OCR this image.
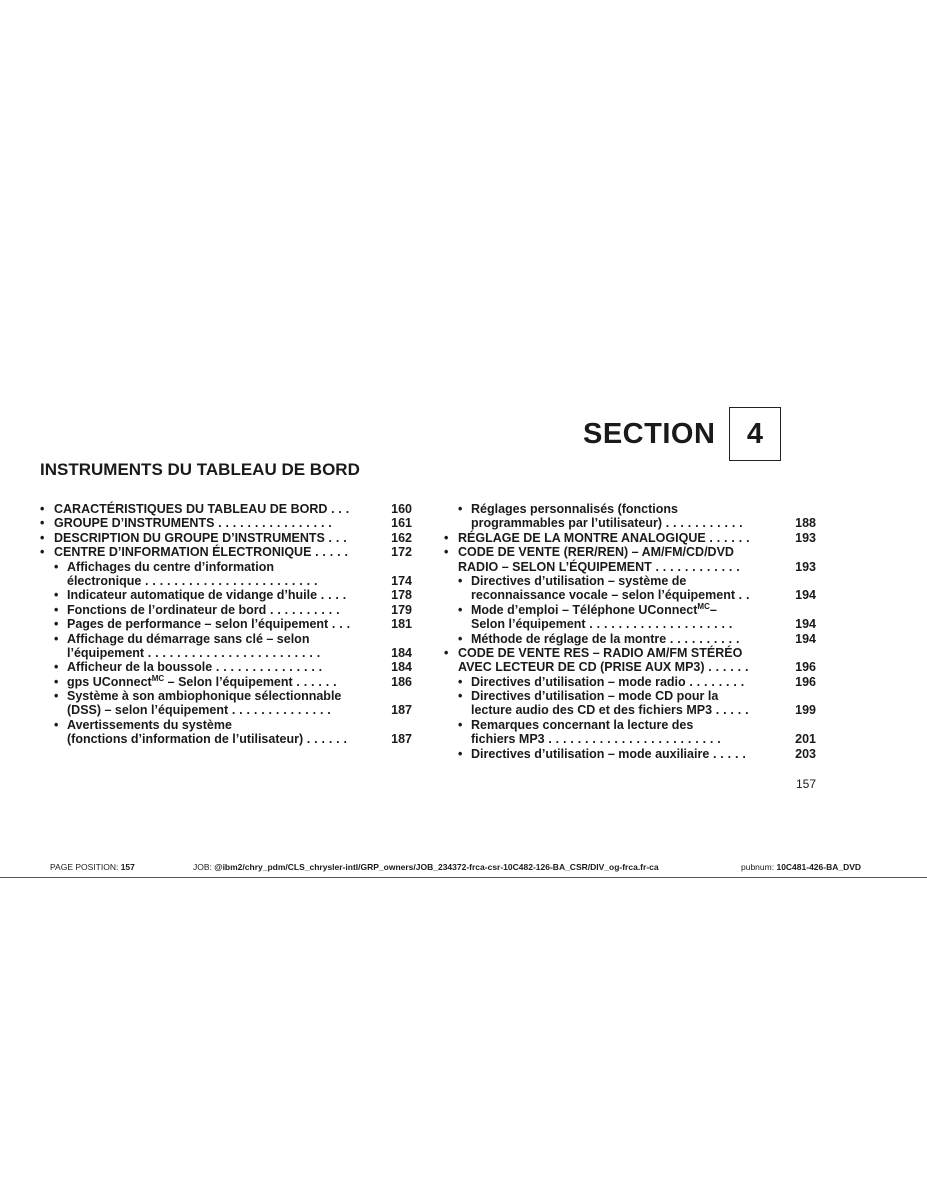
SECTION	4
INSTRUMENTS DU TABLEAU DE BORD
• CARACTÉRISTIQUES DU TABLEAU DE BORD . . .	160
• GROUPE D’INSTRUMENTS . . . . . . . . . . . . . . . .	161
• DESCRIPTION DU GROUPE D’INSTRUMENTS . . .	162
• CENTRE D’INFORMATION ÉLECTRONIQUE . . . . .	172
• Affichages du centre d’information
électronique . . . . . . . . . . . . . . . . . . . . . . . .	174
• Indicateur automatique de vidange d’huile . . . .	178
• Fonctions de l’ordinateur de bord . . . . . . . . . .	179
• Pages de performance – selon l’équipement . . .	181
• Affichage du démarrage sans clé – selon
l’équipement . . . . . . . . . . . . . . . . . . . . . . . .	184
• Afficheur de la boussole . . . . . . . . . . . . . . .	184
• gps UConnect$^{MC}$ – Selon l’équipement . . . . . .	186
• Système à son ambiophonique sélectionnable
(DSS) – selon l’équipement . . . . . . . . . . . . . .	187
• Avertissements du système
(fonctions d’information de l’utilisateur) . . . . . .	187
• Réglages personnalisés (fonctions
programmables par l’utilisateur) . . . . . . . . . . .	188
• RÉGLAGE DE LA MONTRE ANALOGIQUE . . . . . .	193
• CODE DE VENTE (RER/REN) – AM/FM/CD/DVD
RADIO – SELON L’ÉQUIPEMENT . . . . . . . . . . . .	193
• Directives d’utilisation – système de
reconnaissance vocale – selon l’équipement . .	194
• Mode d’emploi – Téléphone UConnect$^{MC}$–
Selon l’équipement . . . . . . . . . . . . . . . . . . . .	194
• Méthode de réglage de la montre . . . . . . . . . .	194
• CODE DE VENTE RES – RADIO AM/FM STÉRÉO
AVEC LECTEUR DE CD (PRISE AUX MP3) . . . . . .	196
• Directives d’utilisation – mode radio . . . . . . . .	196
• Directives d’utilisation – mode CD pour la
lecture audio des CD et des fichiers MP3 . . . . .	199
• Remarques concernant la lecture des
fichiers MP3 . . . . . . . . . . . . . . . . . . . . . . . .	201
• Directives d’utilisation – mode auxiliaire . . . . .	203
157
PAGE POSITION: 157	JOB: @ibm2/chry_pdm/CLS_chrysler-intl/GRP_owners/JOB_234372-frca-csr-10C482-126-BA_CSR/DIV_og-frca.fr-ca	pubnum: 10C481-426-BA_DVD
